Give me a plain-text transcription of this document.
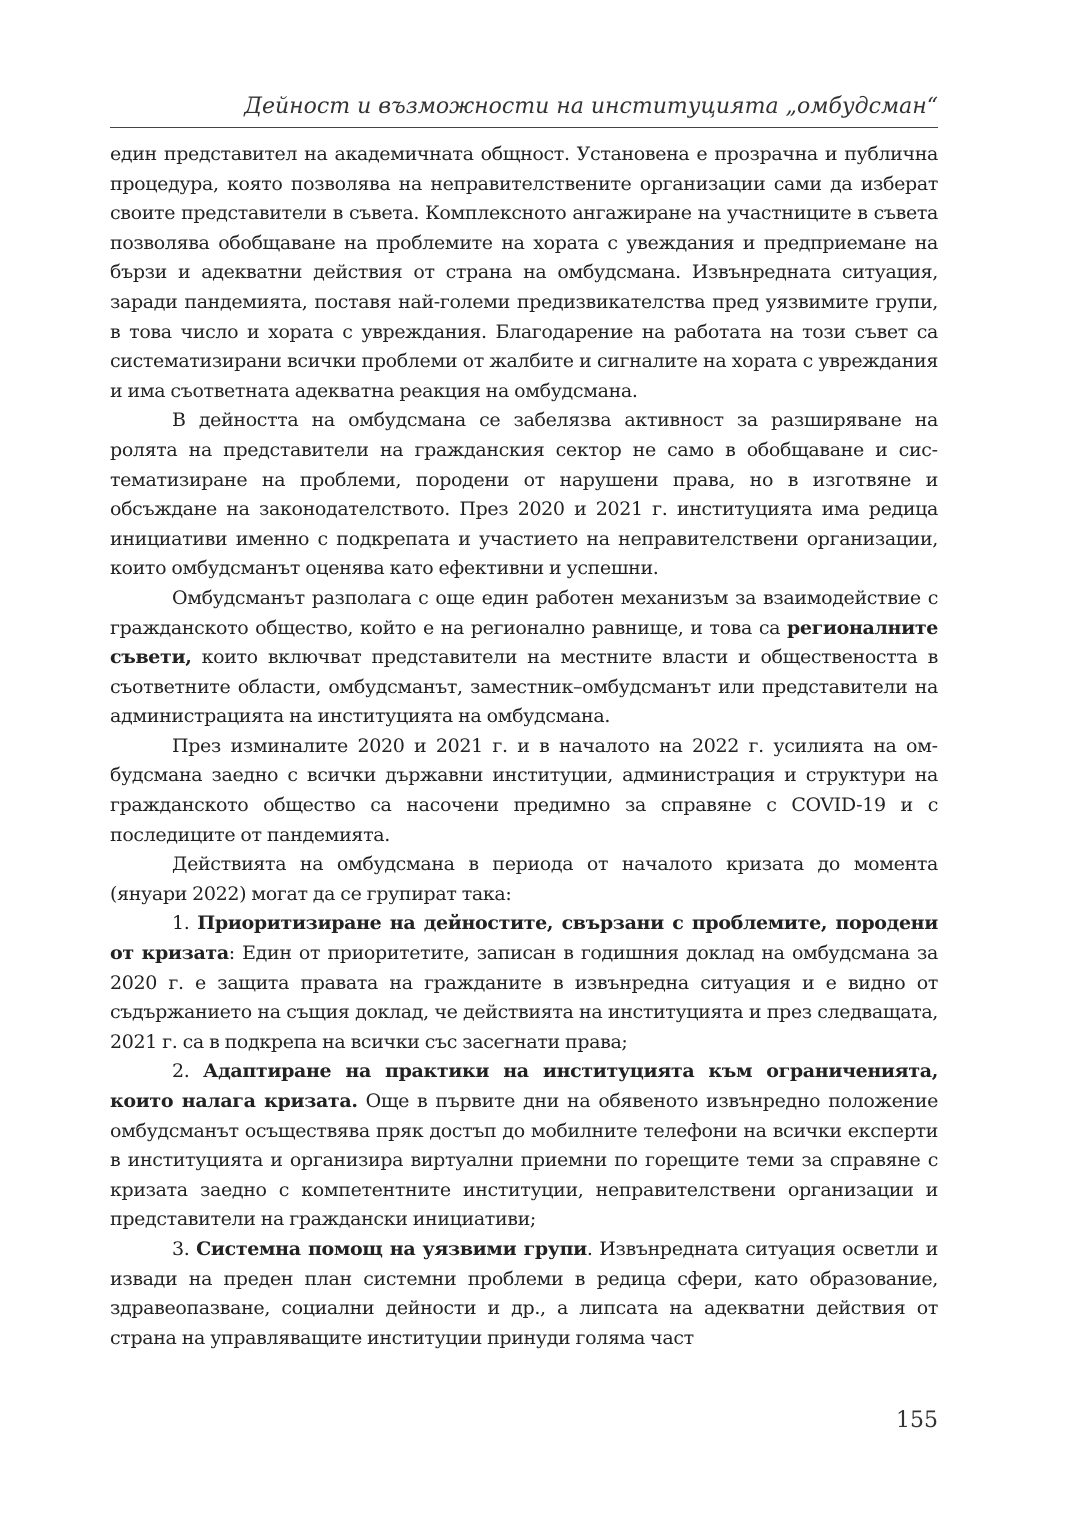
Дейност и възможности на институцията „омбудсман“

един представител на академичната общност. Установена е прозрачна и публична процедура, която позволява на неправителствените организации сами да изберат своите представители в съвета. Комплексното ангажиране на участниците в съвета позволява обобщаване на проблемите на хората с увеждания и предприемане на бързи и адекватни действия от страна на омбудсмана. Извънредната ситуация, заради пандемията, поставя най-големи предизвикателства пред уязвимите групи, в това число и хората с увреждания. Благодарение на работата на този съвет са систематизирани всички проблеми от жалбите и сигналите на хората с увреждания и има съответната адекватна реакция на омбудсмана.

В дейността на омбудсмана се забелязва активност за разширяване на ролята на представители на гражданския сектор не само в обобщаване и систематизиране на проблеми, породени от нарушени права, но в изготвяне и обсъждане на законодателството. През 2020 и 2021 г. институцията има редица инициативи именно с подкрепата и участието на неправителствени организации, които омбудсманът оценява като ефективни и успешни.

Омбудсманът разполага с още един работен механизъм за взаимодействие с гражданското общество, който е на регионално равнище, и това са регионалните съвети, които включват представители на местните власти и обществеността в съответните области, омбудсманът, заместник–омбудсманът или представители на администрацията на институцията на омбудсмана.

През изминалите 2020 и 2021 г. и в началото на 2022 г. усилията на омбудсмана заедно с всички държавни институции, администрация и структури на гражданското общество са насочени предимно за справяне с COVID-19 и с последиците от пандемията.

Действията на омбудсмана в периода от началото кризата до момента (януари 2022) могат да се групират така:

1. Приоритизиране на дейностите, свързани с проблемите, породени от кризата: Един от приоритетите, записан в годишния доклад на омбудсмана за 2020 г. е защита правата на гражданите в извънредна ситуация и е видно от съдържанието на същия доклад, че действията на институцията и през следващата, 2021 г. са в подкрепа на всички със засегнати права;

2. Адаптиране на практики на институцията към ограниченията, които налага кризата. Още в първите дни на обявеното извънредно положение омбудсманът осъществява пряк достъп до мобилните телефони на всички експерти в институцията и организира виртуални приемни по горещите теми за справяне с кризата заедно с компетентните институции, неправителствени организации и представители на граждански инициативи;

3. Системна помощ на уязвими групи. Извънредната ситуация осветли и извади на преден план системни проблеми в редица сфери, като образование, здравеопазване, социални дейности и др., а липсата на адекватни действия от страна на управляващите институции принуди голяма част

155
